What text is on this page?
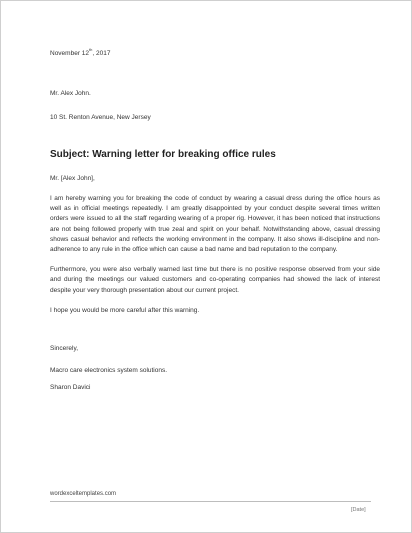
November 12th, 2017

Mr. Alex John.

10 St. Renton Avenue, New Jersey

Subject: Warning letter for breaking office rules

Mr. [Alex John],

I am hereby warning you for breaking the code of conduct by wearing a casual dress during the office hours as well as in official meetings repeatedly. I am greatly disappointed by your conduct despite several times written orders were issued to all the staff regarding wearing of a proper rig. However, it has been noticed that instructions are not being followed properly with true zeal and spirit on your behalf. Notwithstanding above, casual dressing shows casual behavior and reflects the working environment in the company. It also shows ill-discipline and non-adherence to any rule in the office which can cause a bad name and bad reputation to the company.

Furthermore, you were also verbally warned last time but there is no positive response observed from your side and during the meetings our valued customers and co-operating companies had showed the lack of interest despite your very thorough presentation about our current project.

I hope you would be more careful after this warning.

Sincerely,

Macro care electronics system solutions.

Sharon Davici

wordexceltemplates.com
[Date]
